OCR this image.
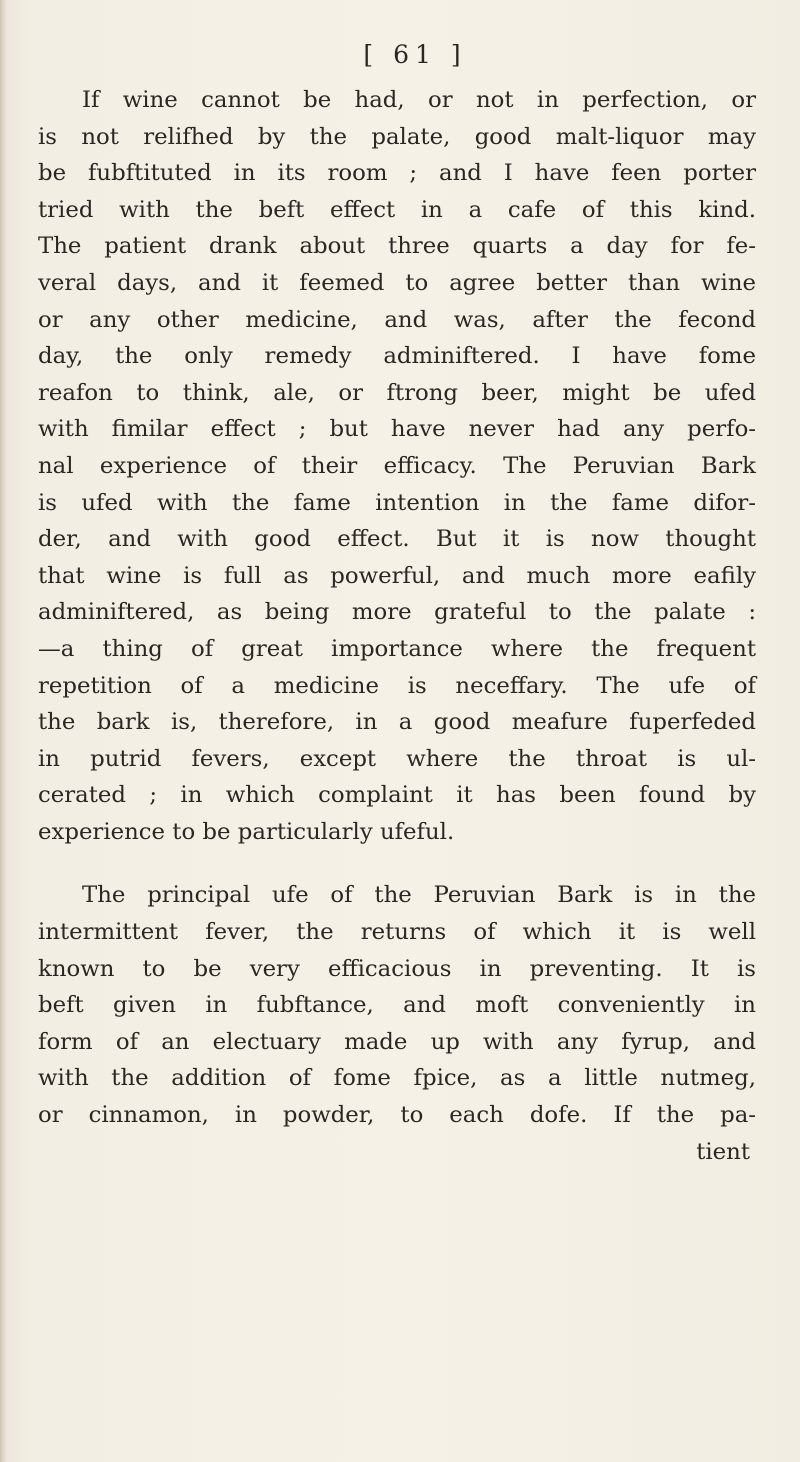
[ 61 ]
If wine cannot be had, or not in perfection, or
is not relifhed by the palate, good malt-liquor may
be fubftituted in its room ; and I have feen porter
tried with the beft effect in a cafe of this kind.
The patient drank about three quarts a day for fe-
veral days, and it feemed to agree better than wine
or any other medicine, and was, after the fecond
day, the only remedy adminiftered. I have fome
reafon to think, ale, or ftrong beer, might be ufed
with fimilar effect ; but have never had any perfo-
nal experience of their efficacy. The Peruvian Bark
is ufed with the fame intention in the fame difor-
der, and with good effect. But it is now thought
that wine is full as powerful, and much more eafily
adminiftered, as being more grateful to the palate :
—a thing of great importance where the frequent
repetition of a medicine is neceffary. The ufe of
the bark is, therefore, in a good meafure fuperfeded
in putrid fevers, except where the throat is ul-
cerated ; in which complaint it has been found by
experience to be particularly ufeful.
The principal ufe of the Peruvian Bark is in the
intermittent fever, the returns of which it is well
known to be very efficacious in preventing. It is
beft given in fubftance, and moft conveniently in
form of an electuary made up with any fyrup, and
with the addition of fome fpice, as a little nutmeg,
or cinnamon, in powder, to each dofe. If the pa-
tient
